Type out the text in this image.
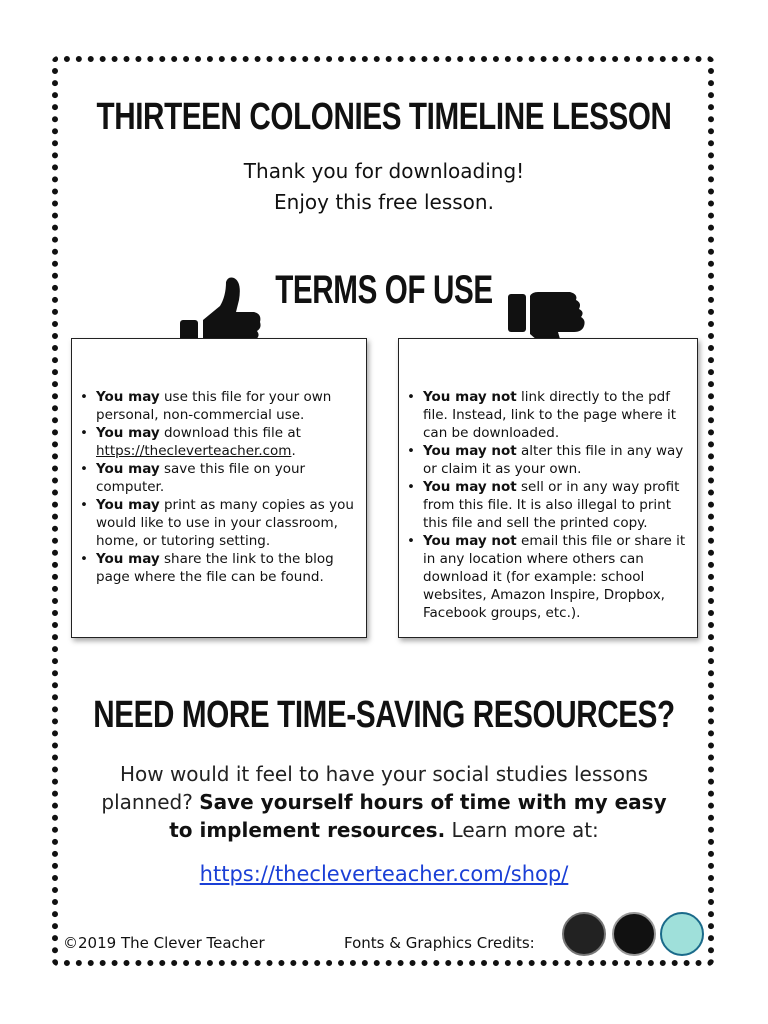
THIRTEEN COLONIES TIMELINE LESSON
Thank you for downloading!
Enjoy this free lesson.
TERMS OF USE
• You may use this file for your own personal, non-commercial use.
• You may download this file at https://thecleverteacher.com.
• You may save this file on your computer.
• You may print as many copies as you would like to use in your classroom, home, or tutoring setting.
• You may share the link to the blog page where the file can be found.
• You may not link directly to the pdf file. Instead, link to the page where it can be downloaded.
• You may not alter this file in any way or claim it as your own.
• You may not sell or in any way profit from this file. It is also illegal to print this file and sell the printed copy.
• You may not email this file or share it in any location where others can download it (for example: school websites, Amazon Inspire, Dropbox, Facebook groups, etc.).
NEED MORE TIME-SAVING RESOURCES?
How would it feel to have your social studies lessons planned? Save yourself hours of time with my easy to implement resources. Learn more at:
https://thecleverteacher.com/shop/
©2019 The Clever Teacher	Fonts & Graphics Credits:
